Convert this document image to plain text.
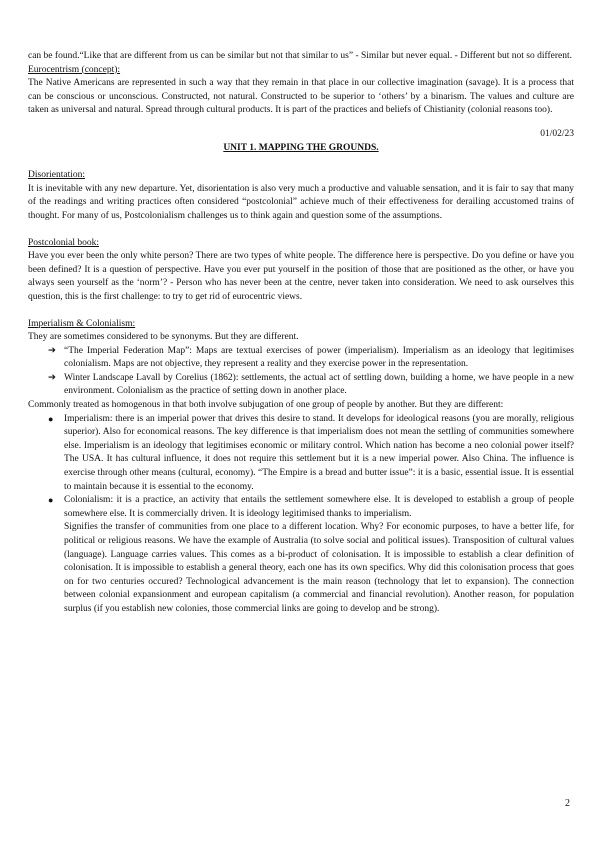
can be found.“Like that are different from us can be similar but not that similar to us” - Similar but never equal. - Different but not so different.

Eurocentrism (concept):

The Native Americans are represented in such a way that they remain in that place in our collective imagination (savage). It is a process that can be conscious or unconscious. Constructed, not natural. Constructed to be superior to ‘others’ by a binarism. The values and culture are taken as universal and natural. Spread through cultural products. It is part of the practices and beliefs of Chistianity (colonial reasons too).

01/02/23

UNIT 1. MAPPING THE GROUNDS.

Disorientation:

It is inevitable with any new departure. Yet, disorientation is also very much a productive and valuable sensation, and it is fair to say that many of the readings and writing practices often considered “postcolonial” achieve much of their effectiveness for derailing accustomed trains of thought. For many of us, Postcolonialism challenges us to think again and question some of the assumptions.

Postcolonial book:

Have you ever been the only white person? There are two types of white people. The difference here is perspective. Do you define or have you been defined? It is a question of perspective. Have you ever put yourself in the position of those that are positioned as the other, or have you always seen yourself as the ‘norm’? - Person who has never been at the centre, never taken into consideration. We need to ask ourselves this question, this is the first challenge: to try to get rid of eurocentric views.

Imperialism & Colonialism:

They are sometimes considered to be synonyms. But they are different.

➔ “The Imperial Federation Map”: Maps are textual exercises of power (imperialism). Imperialism as an ideology that legitimises colonialism. Maps are not objective, they represent a reality and they exercise power in the representation.
➔ Winter Landscape Lavall by Corelius (1862): settlements, the actual act of settling down, building a home, we have people in a new environment. Colonialism as the practice of setting down in another place.

Commonly treated as homogenous in that both involve subjugation of one group of people by another. But they are different:

● Imperialism: there is an imperial power that drives this desire to stand. It develops for ideological reasons (you are morally, religious superior). Also for economical reasons. The key difference is that imperialism does not mean the settling of communities somewhere else. Imperialism is an ideology that legitimises economic or military control. Which nation has become a neo colonial power itself? The USA. It has cultural influence, it does not require this settlement but it is a new imperial power. Also China. The influence is exercise through other means (cultural, economy). “The Empire is a bread and butter issue”: it is a basic, essential issue. It is essential to maintain because it is essential to the economy.
● Colonialism: it is a practice, an activity that entails the settlement somewhere else. It is developed to establish a group of people somewhere else. It is commercially driven. It is ideology legitimised thanks to imperialism.

Signifies the transfer of communities from one place to a different location. Why? For economic purposes, to have a better life, for political or religious reasons. We have the example of Australia (to solve social and political issues). Transposition of cultural values (language). Language carries values. This comes as a bi-product of colonisation. It is impossible to establish a clear definition of colonisation. It is impossible to establish a general theory, each one has its own specifics. Why did this colonisation process that goes on for two centuries occured? Technological advancement is the main reason (technology that let to expansion). The connection between colonial expansionment and european capitalism (a commercial and financial revolution). Another reason, for population surplus (if you establish new colonies, those commercial links are going to develop and be strong).

2
